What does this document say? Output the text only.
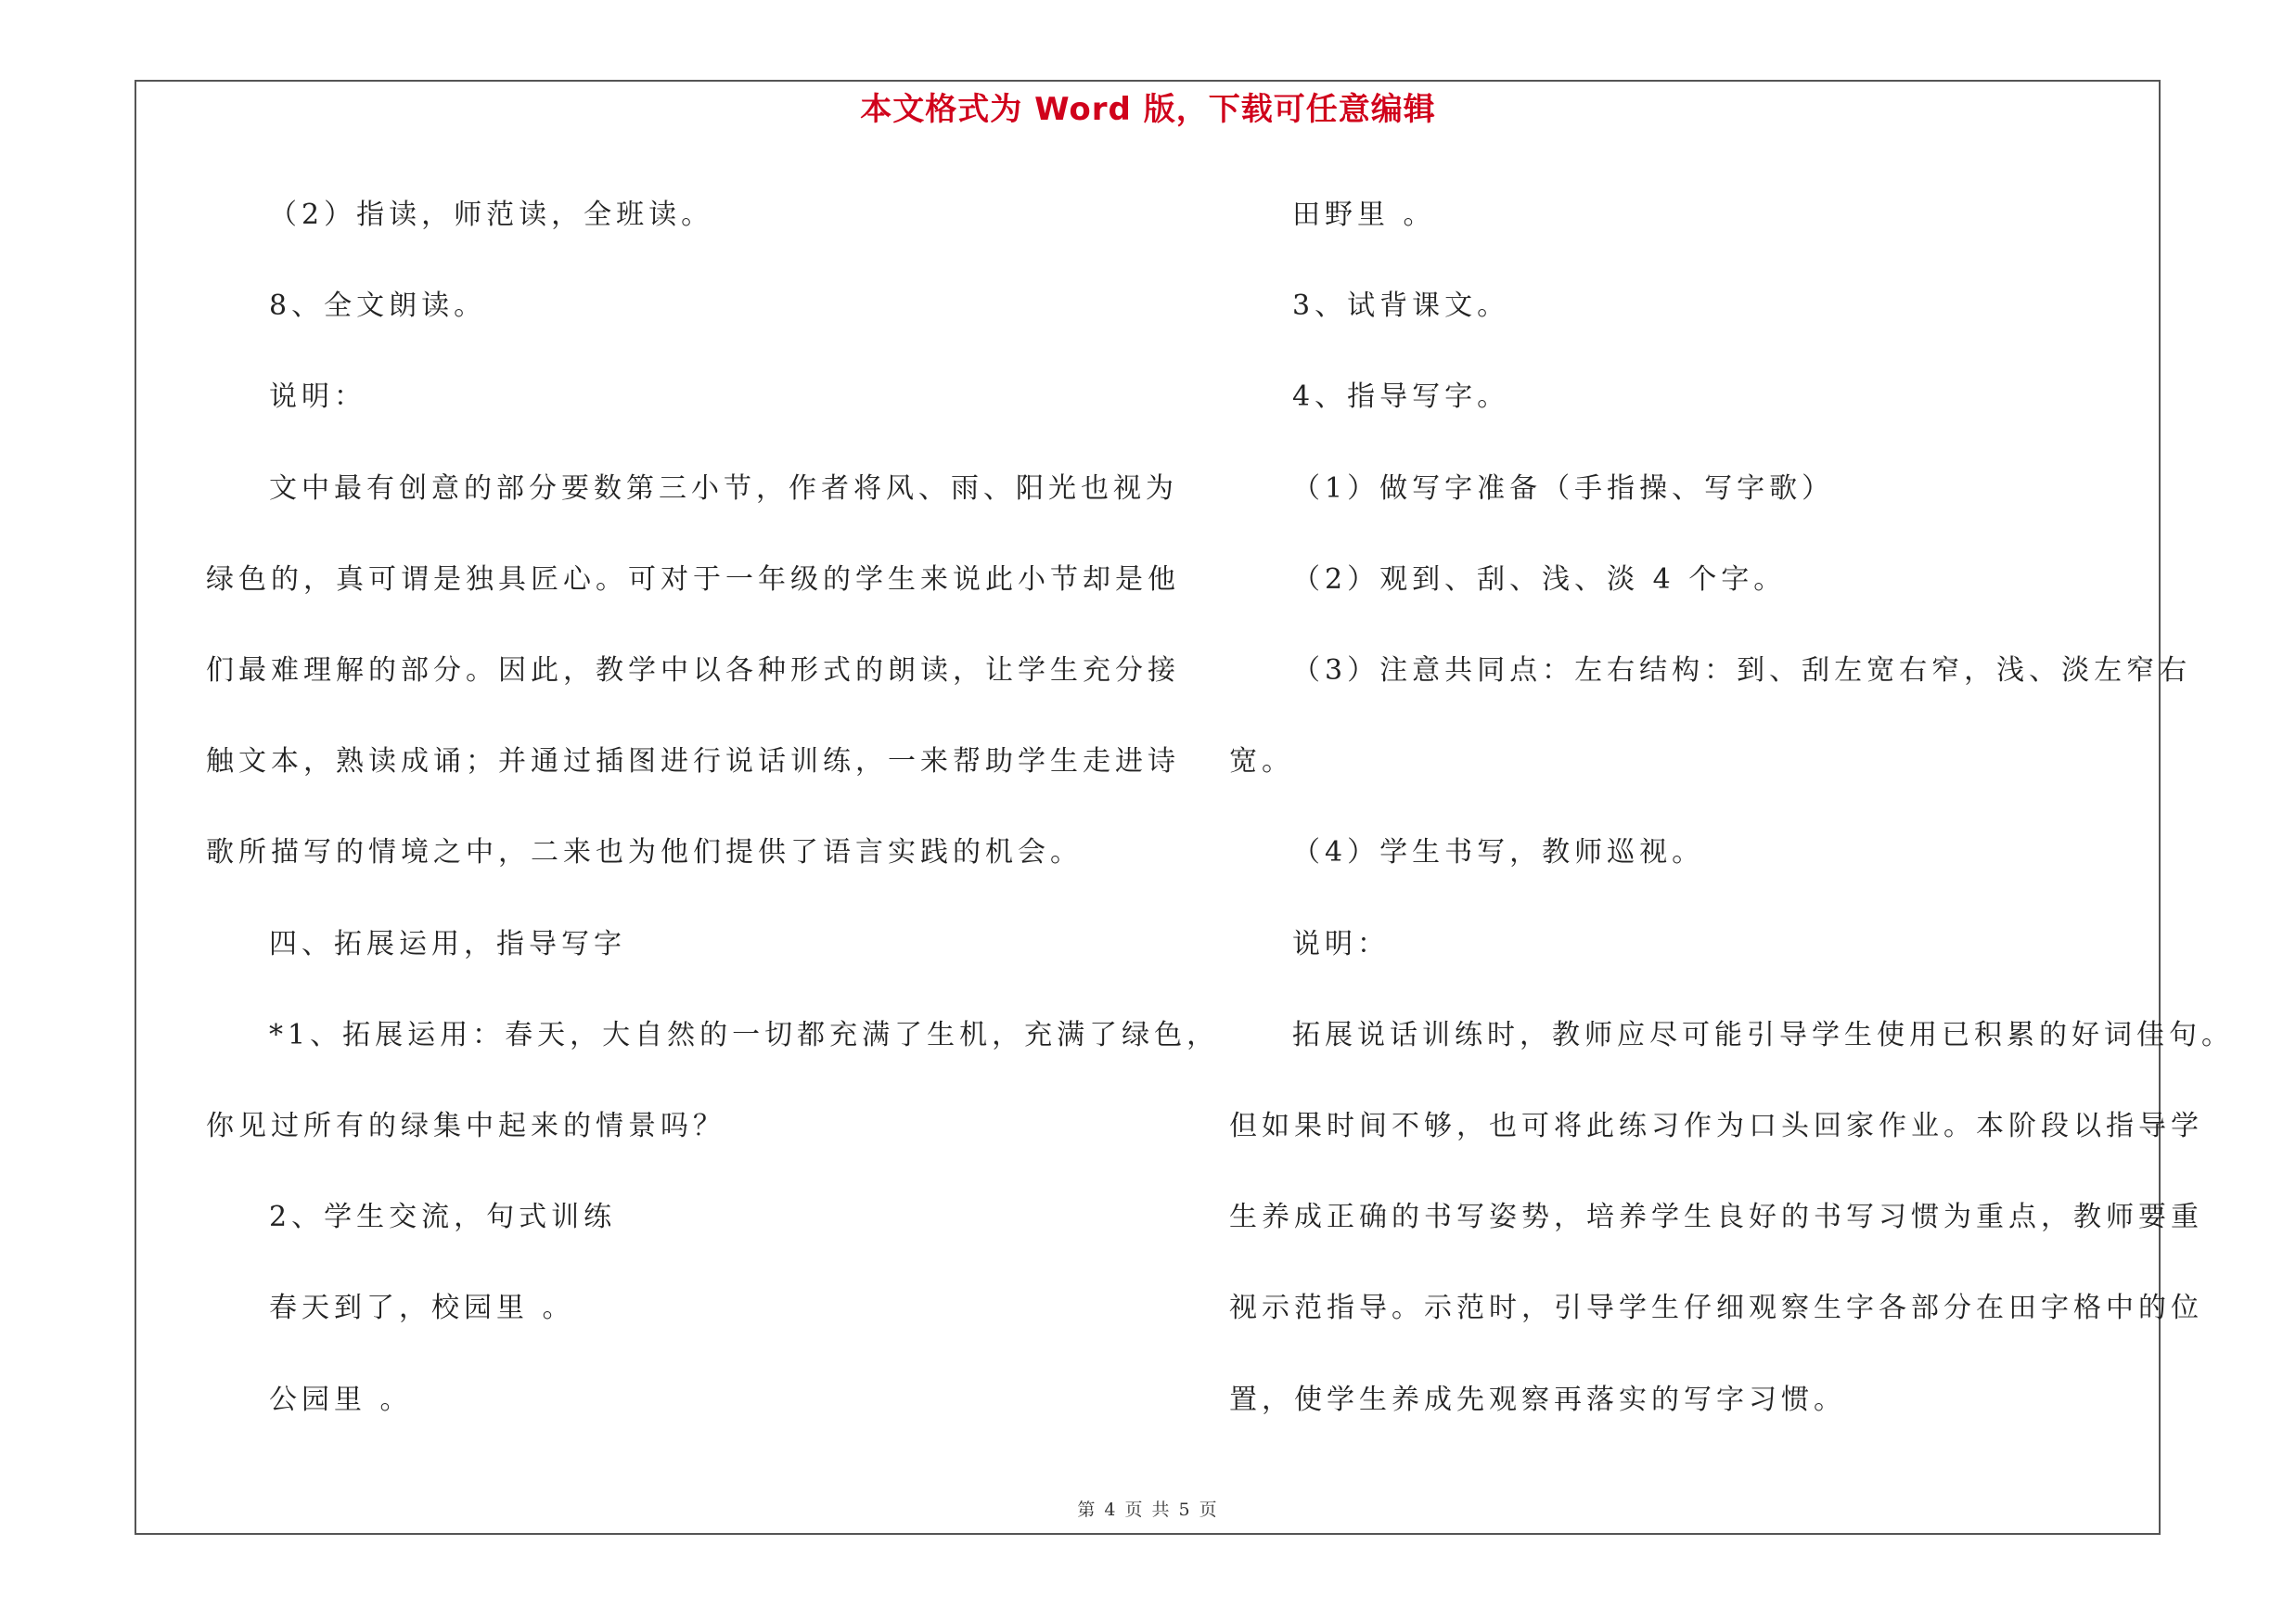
本文格式为 Word 版，下载可任意编辑
（2）指读，师范读，全班读。
8、全文朗读。
说明：
文中最有创意的部分要数第三小节，作者将风、雨、阳光也视为
绿色的，真可谓是独具匠心。可对于一年级的学生来说此小节却是他
们最难理解的部分。因此，教学中以各种形式的朗读，让学生充分接
触文本，熟读成诵；并通过插图进行说话训练，一来帮助学生走进诗
歌所描写的情境之中，二来也为他们提供了语言实践的机会。
四、拓展运用，指导写字
*1、拓展运用：春天，大自然的一切都充满了生机，充满了绿色，
你见过所有的绿集中起来的情景吗？
2、学生交流，句式训练
春天到了，校园里 。
公园里 。
田野里 。
3、试背课文。
4、指导写字。
（1）做写字准备（手指操、写字歌）
（2）观到、刮、浅、淡 4 个字。
（3）注意共同点：左右结构：到、刮左宽右窄，浅、淡左窄右
宽。
（4）学生书写，教师巡视。
说明：
拓展说话训练时，教师应尽可能引导学生使用已积累的好词佳句。
但如果时间不够，也可将此练习作为口头回家作业。本阶段以指导学
生养成正确的书写姿势，培养学生良好的书写习惯为重点，教师要重
视示范指导。示范时，引导学生仔细观察生字各部分在田字格中的位
置，使学生养成先观察再落实的写字习惯。
第 4 页 共 5 页
